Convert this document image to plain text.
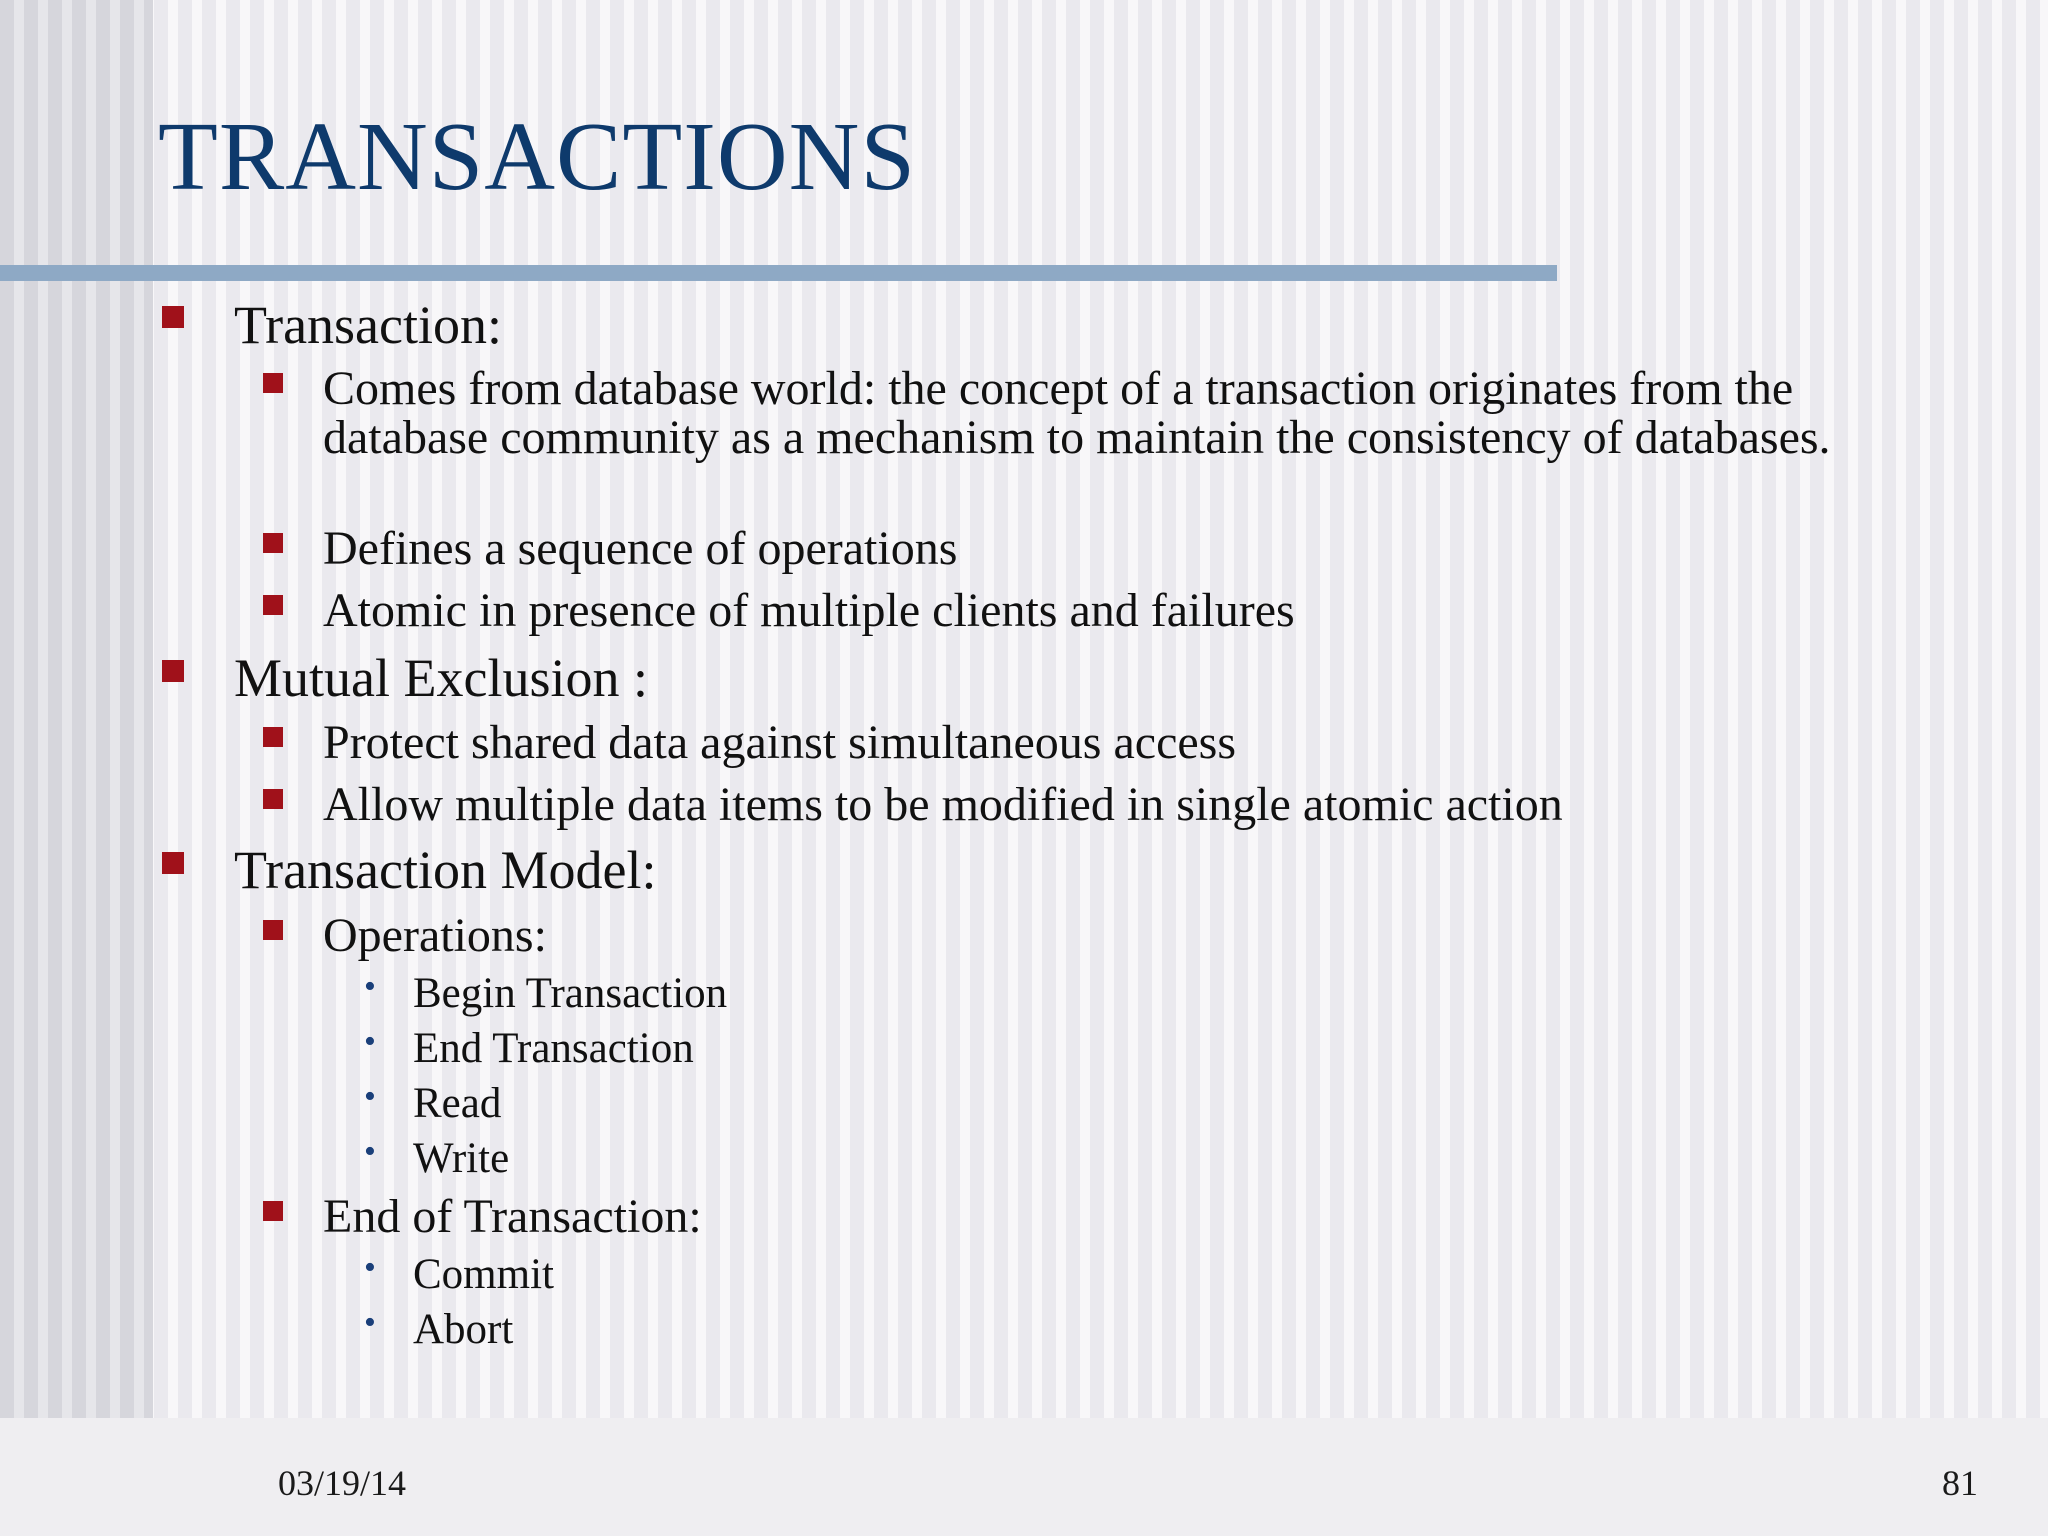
TRANSACTIONS
Transaction:
Comes from database world: the concept of a transaction originates from the database community as a mechanism to maintain the consistency of databases.
Defines a sequence of operations
Atomic in presence of multiple clients and failures
Mutual Exclusion :
Protect shared data against simultaneous access
Allow multiple data items to be modified in single atomic action
Transaction Model:
Operations:
• Begin Transaction
• End Transaction
• Read
• Write
End of Transaction:
• Commit
• Abort
03/19/14	81
